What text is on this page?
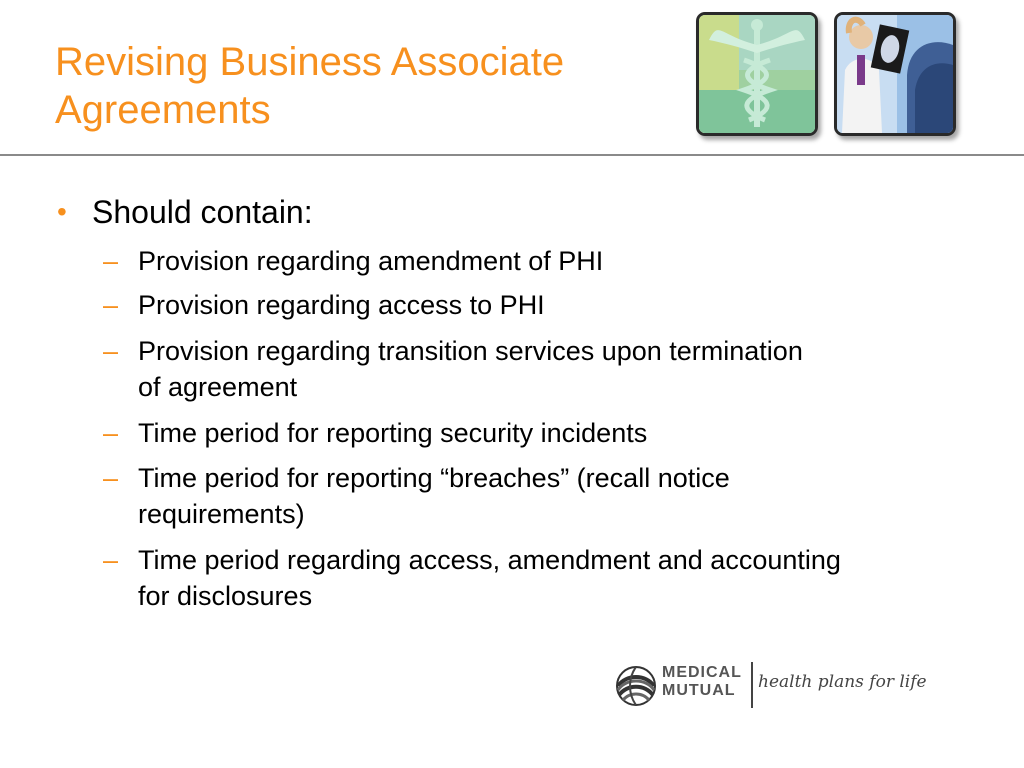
Revising Business Associate
Agreements
• Should contain:
– Provision regarding amendment of PHI
– Provision regarding access to PHI
– Provision regarding transition services upon termination of agreement
– Time period for reporting security incidents
– Time period for reporting “breaches” (recall notice requirements)
– Time period regarding access, amendment and accounting for disclosures
MEDICAL
MUTUAL	health plans for life
